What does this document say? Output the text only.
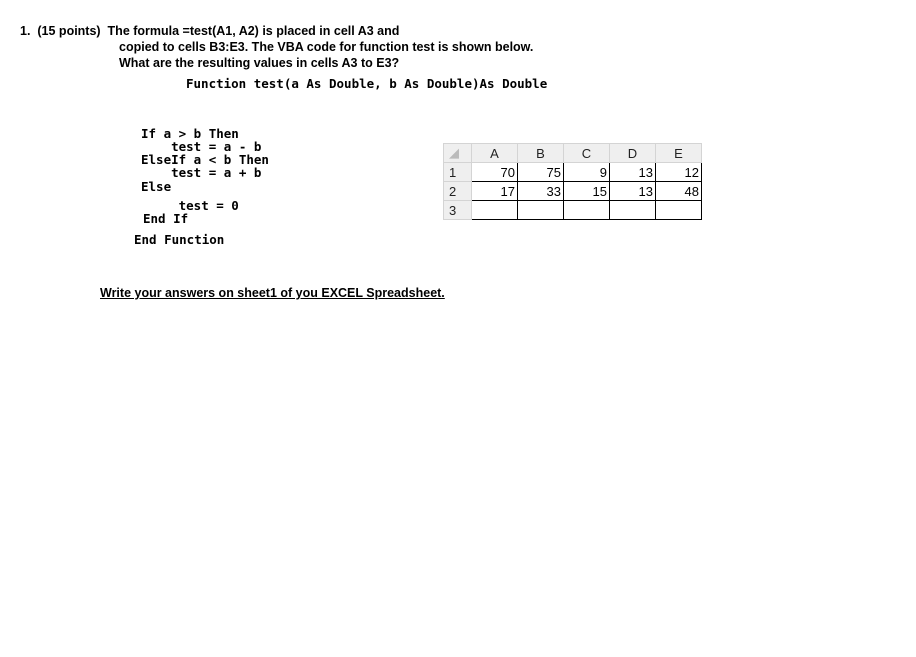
1. (15 points) The formula =test(A1, A2) is placed in cell A3 and
copied to cells B3:E3. The VBA code for function test is shown below.
What are the resulting values in cells A3 to E3?
Function test(a As Double, b As Double)As Double
If a > b Then
test = a - b
ElseIf a < b Then
test = a + b
Else
test = 0
End If
End Function
◢	A	B	C	D	E
1	70	75	9	13	12
2	17	33	15	13	48
3					
Write your answers on sheet1 of you EXCEL Spreadsheet.
